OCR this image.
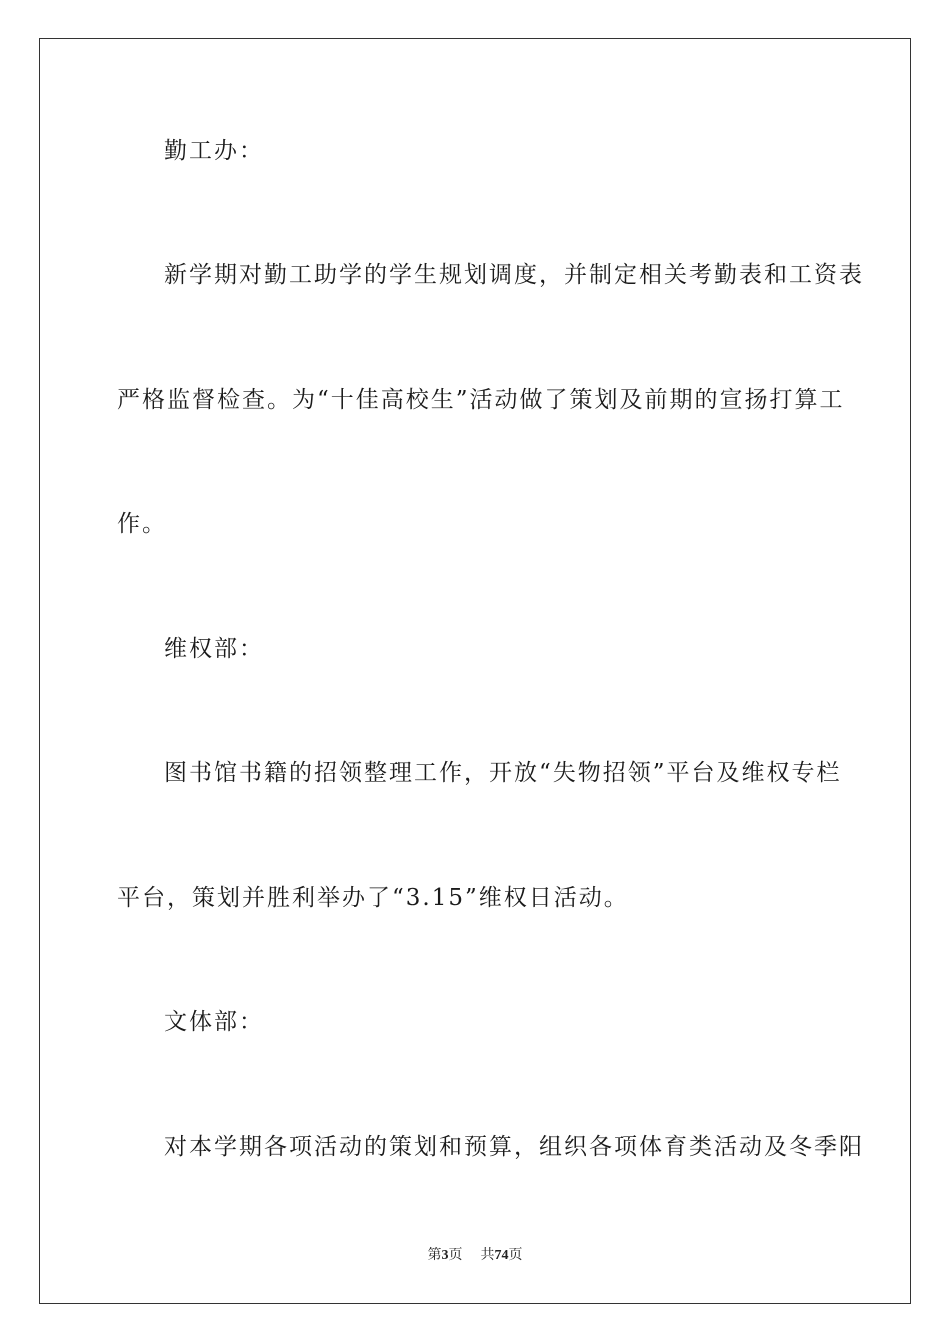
勤工办：
新学期对勤工助学的学生规划调度，并制定相关考勤表和工资表
严格监督检查。为“十佳高校生”活动做了策划及前期的宣扬打算工
作。
维权部：
图书馆书籍的招领整理工作，开放“失物招领”平台及维权专栏
平台，策划并胜利举办了“3.15”维权日活动。
文体部：
对本学期各项活动的策划和预算，组织各项体育类活动及冬季阳
第3页 共74页
